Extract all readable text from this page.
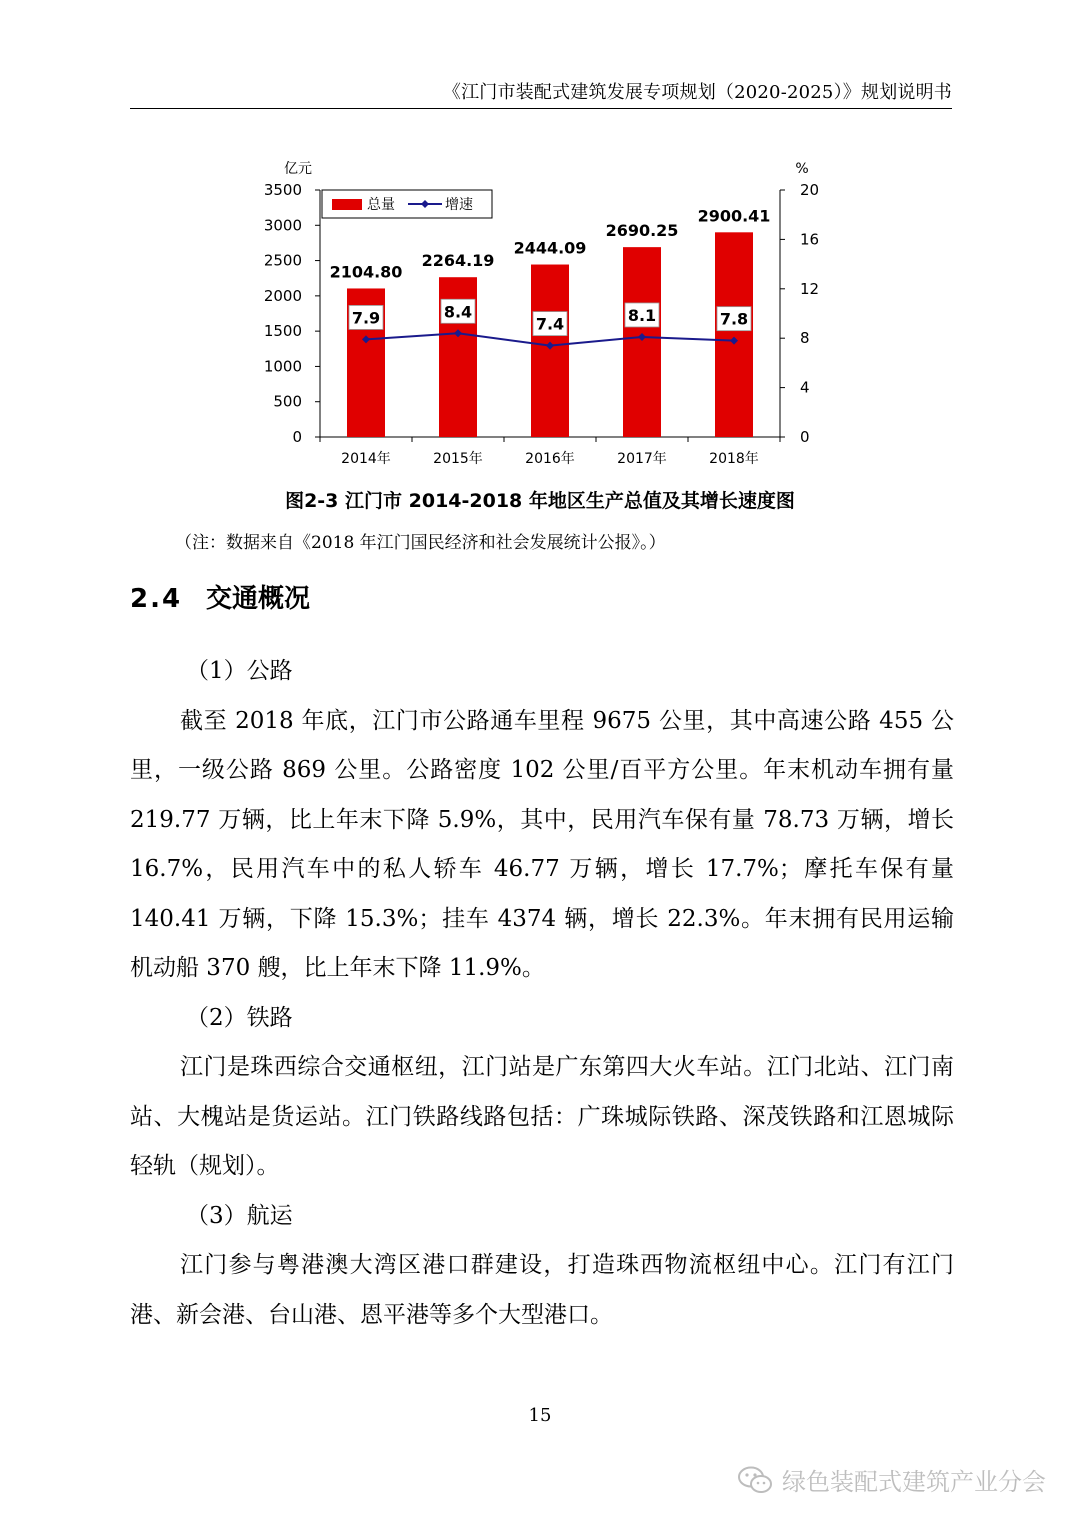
《江门市装配式建筑发展专项规划（2020-2025）》规划说明书
0
500
1000
1500
2000
2500
3000
3500
0
4
8
12
16
20
亿元	%
2014年	2015年	2016年	2017年	2018年
2104.80
2264.19
2444.09
2690.25
2900.41
7.9	8.4
7.4	8.1	7.8
总量	增速
图2-3 江门市 2014-2018 年地区生产总值及其增长速度图
（注：数据来自《2018 年江门国民经济和社会发展统计公报》。）
2.4 交通概况

（1）公路

截至 2018 年底，江门市公路通车里程 9675 公里，其中高速公路 455 公里，一级公路 869 公里。公路密度 102 公里/百平方公里。年末机动车拥有量 219.77 万辆，比上年末下降 5.9%，其中，民用汽车保有量 78.73 万辆，增长 16.7%，民用汽车中的私人轿车 46.77 万辆，增长 17.7%；摩托车保有量 140.41 万辆，下降 15.3%；挂车 4374 辆，增长 22.3%。年末拥有民用运输机动船 370 艘，比上年末下降 11.9%。

（2）铁路

江门是珠西综合交通枢纽，江门站是广东第四大火车站。江门北站、江门南站、大槐站是货运站。江门铁路线路包括：广珠城际铁路、深茂铁路和江恩城际轻轨（规划）。

（3）航运

江门参与粤港澳大湾区港口群建设，打造珠西物流枢纽中心。江门有江门港、新会港、台山港、恩平港等多个大型港口。

15
绿色装配式建筑产业分会
